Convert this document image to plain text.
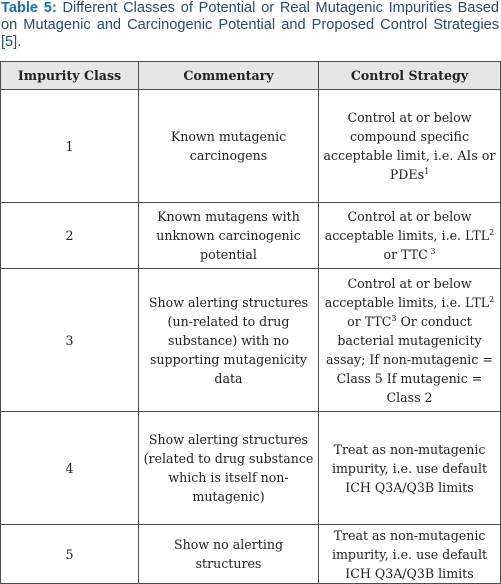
Table 5: Different Classes of Potential or Real Mutagenic Impurities Based on Mutagenic and Carcinogenic Potential and Proposed Control Strategies [5].
Impurity Class	Commentary	Control Strategy
1	Known mutagenic carcinogens	Control at or below compound specific acceptable limit, i.e. AIs or PDEs$^1$
2	Known mutagens with unknown carcinogenic potential	Control at or below acceptable limits, i.e. LTL$^2$ or TTC $^3$
3	Show alerting structures (un-related to drug substance) with no supporting mutagenicity data	Control at or below acceptable limits, i.e. LTL$^2$ or TTC$^3$ Or conduct bacterial mutagenicity assay; If non-mutagenic = Class 5 If mutagenic = Class 2
4	Show alerting structures (related to drug substance which is itself non-mutagenic)	Treat as non-mutagenic impurity, i.e. use default ICH Q3A/Q3B limits
5	Show no alerting structures	Treat as non-mutagenic impurity, i.e. use default ICH Q3A/Q3B limits
